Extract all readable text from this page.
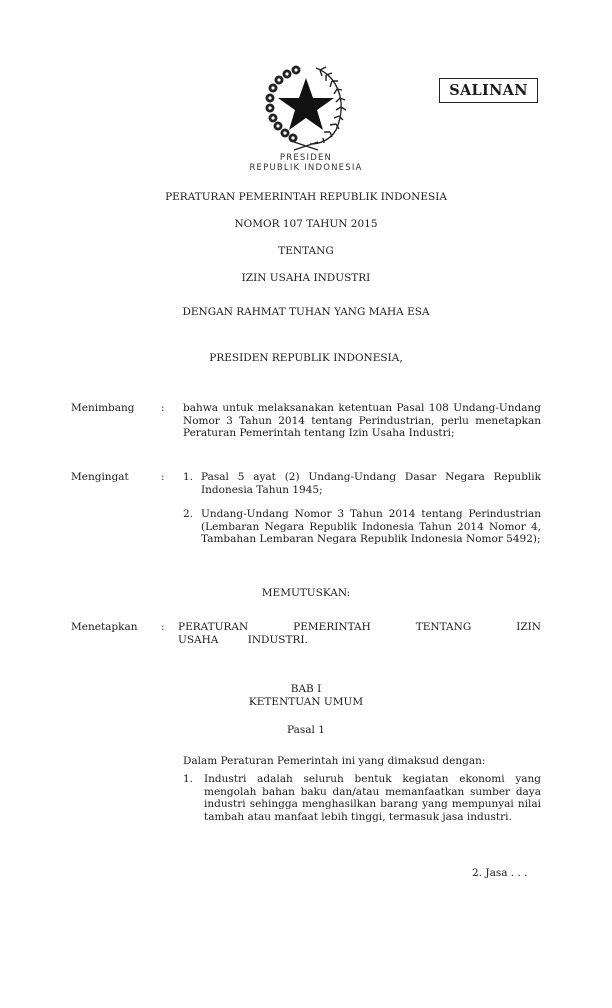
SALINAN
PRESIDEN
REPUBLIK INDONESIA
PERATURAN PEMERINTAH REPUBLIK INDONESIA
NOMOR 107 TAHUN 2015
TENTANG
IZIN USAHA INDUSTRI
DENGAN RAHMAT TUHAN YANG MAHA ESA
PRESIDEN REPUBLIK INDONESIA,
Menimbang	: bahwa untuk melaksanakan ketentuan Pasal 108 Undang-Undang Nomor 3 Tahun 2014 tentang Perindustrian, perlu menetapkan Peraturan Pemerintah tentang Izin Usaha Industri;
Mengingat	: 1. Pasal 5 ayat (2) Undang-Undang Dasar Negara Republik Indonesia Tahun 1945;
2. Undang-Undang Nomor 3 Tahun 2014 tentang Perindustrian (Lembaran Negara Republik Indonesia Tahun 2014 Nomor 4, Tambahan Lembaran Negara Republik Indonesia Nomor 5492);
MEMUTUSKAN:
Menetapkan : PERATURAN PEMERINTAH TENTANG IZIN USAHA INDUSTRI.
BAB I
KETENTUAN UMUM
Pasal 1
Dalam Peraturan Pemerintah ini yang dimaksud dengan:
1. Industri adalah seluruh bentuk kegiatan ekonomi yang mengolah bahan baku dan/atau memanfaatkan sumber daya industri sehingga menghasilkan barang yang mempunyai nilai tambah atau manfaat lebih tinggi, termasuk jasa industri.
2. Jasa . . .
